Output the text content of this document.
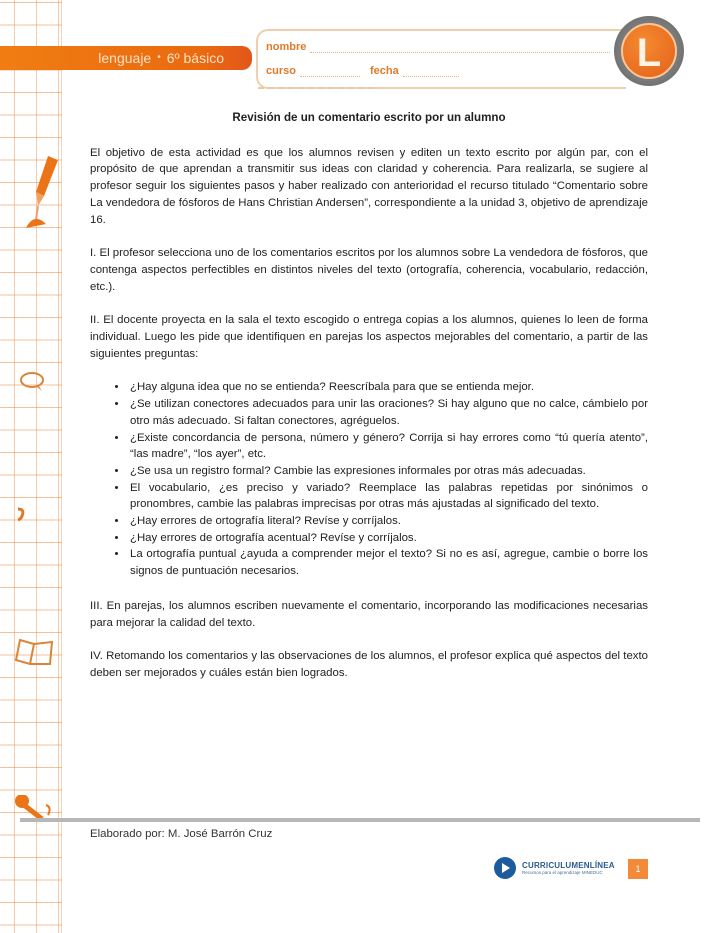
lenguaje • 6º básico
nombre
curso	fecha	L

Revisión de un comentario escrito por un alumno

El objetivo de esta actividad es que los alumnos revisen y editen un texto escrito por algún par, con el propósito de que aprendan a transmitir sus ideas con claridad y coherencia. Para realizarla, se sugiere al profesor seguir los siguientes pasos y haber realizado con anterioridad el recurso titulado “Comentario sobre La vendedora de fósforos de Hans Christian Andersen”, correspondiente a la unidad 3, objetivo de aprendizaje 16.

I. El profesor selecciona uno de los comentarios escritos por los alumnos sobre La vendedora de fósforos, que contenga aspectos perfectibles en distintos niveles del texto (ortografía, coherencia, vocabulario, redacción, etc.).

II. El docente proyecta en la sala el texto escogido o entrega copias a los alumnos, quienes lo leen de forma individual. Luego les pide que identifiquen en parejas los aspectos mejorables del comentario, a partir de las siguientes preguntas:

• ¿Hay alguna idea que no se entienda? Reescríbala para que se entienda mejor.
• ¿Se utilizan conectores adecuados para unir las oraciones? Si hay alguno que no calce, cámbielo por otro más adecuado. Si faltan conectores, agréguelos.
• ¿Existe concordancia de persona, número y género? Corrija si hay errores como “tú quería atento”, “las madre”, “los ayer”, etc.
• ¿Se usa un registro formal? Cambie las expresiones informales por otras más adecuadas.
• El vocabulario, ¿es preciso y variado? Reemplace las palabras repetidas por sinónimos o pronombres, cambie las palabras imprecisas por otras más ajustadas al significado del texto.
• ¿Hay errores de ortografía literal? Revíse y corríjalos.
• ¿Hay errores de ortografía acentual? Revíse y corríjalos.
• La ortografía puntual ¿ayuda a comprender mejor el texto? Si no es así, agregue, cambie o borre los signos de puntuación necesarios.

III. En parejas, los alumnos escriben nuevamente el comentario, incorporando las modificaciones necesarias para mejorar la calidad del texto.

IV. Retomando los comentarios y las observaciones de los alumnos, el profesor explica qué aspectos del texto deben ser mejorados y cuáles están bien logrados.

Elaborado por: M. José Barrón Cruz
CURRICULUMENLÍNEA
Recursos para el aprendizaje MINEDUC	1
